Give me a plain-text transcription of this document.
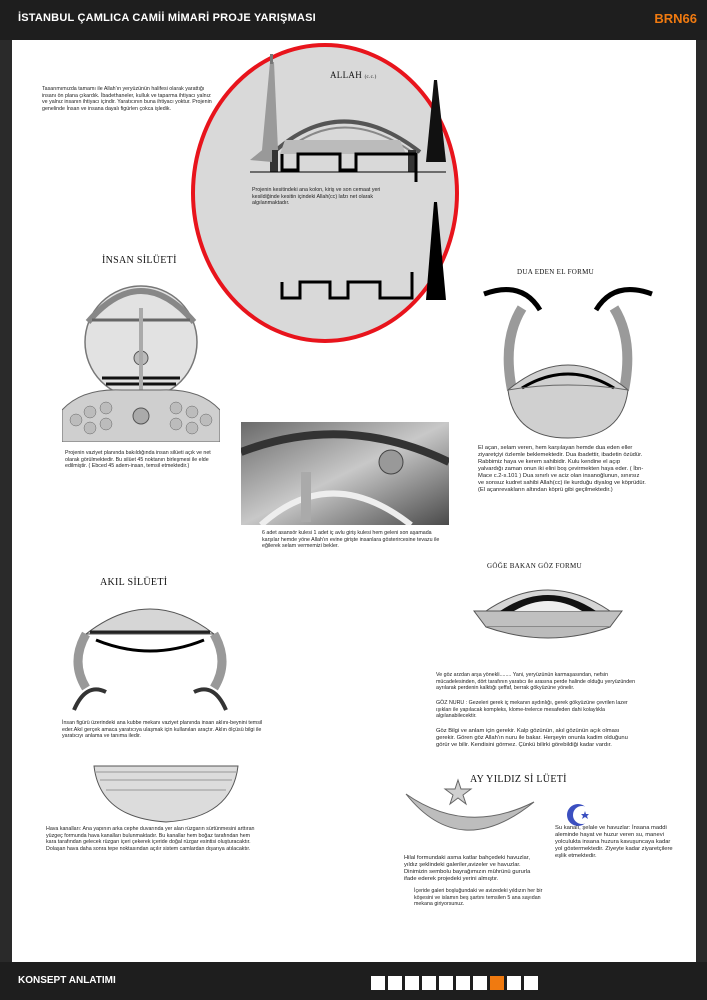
İSTANBUL ÇAMLICA CAMİİ MİMARİ PROJE YARIŞMASI	BRN66
Tasarımımızda tamamı ile Allah'ın yeryüzünün halifesi olarak yarattığı insanı ön plana çıkardık. İbadethaneler, kulluk ve taparma ihtiyacı yalnız ve yalnız insanın ihtiyacı içindir. Yaratıcının buna ihtiyacı yoktur. Projenin genelinde İnsan ve insana dayalı figürlen çokca işledik.
ALLAH (c.c.)
Projenin kesitindeki ana kolon, kiriş ve son cemaat yeri kesildiğinde kesitin içindeki Allah(cc) lafzı net olarak algılanmaktadır.
İNSAN SİLÜETİ
Projenin vaziyet planında bakıldığında insan silüeti açık ve net olarak görülmektedir. Bu silüet 45 noktanın birleşmesi ile elde edilmiştir. ( Ebced 45 adem-insan, temsil etmektedir.)
DUA EDEN EL FORMU
El açan, selam veren, hem karşılayan hemde dua eden eller ziyaretçiyi özlemle beklemektedir. Dua ibadettir, ibadetin özüdür. Rabbimiz haya ve kerem sahibidir. Kulu kendine el açıp yalvardığı zaman onun iki elini boş çevirmekten haya eder. ( İbn-Mace c.2-s.101 ) Dua sınırlı ve aciz olan insanoğlunun, sınırsız ve sonsuz kudret sahibi Allah(cc) ile kurduğu diyalog ve köprüdür. (El açanrevakların altından köprü gibi geçilmektedir.)
6 adet asansör kulesi 1 adet iç avlu giriş kulesi hem geleni son aşamada karşılar hemde yöne Allah'ın evine girişte insanlara gösterircesine tevazu ile eğilerek selam vermemizi bekler.
AKIL SİLÜETİ
İnsan figürü üzerindeki ana kubbe mekanı vaziyet planında insan aklını-beynini temsil eder.Akıl gerçek amaca yaratıcıya ulaşmak için kullanılan araçtır. Aklın ölçüsü bilgi ile yaratıcıyı anlama ve tanıma iledir.
Hava kanalları: Ana yapının arka cephe duvarında yer alan rüzgarın sürtünmesini arttıran yüzgeç formunda hava kanalları bulunmaktadır. Bu kanallar hem boğaz tarafından hem kara tarafından gelecek rüzgarı içeri çekerek içeride doğal rüzgar esintisi oluşturacaktır. Dolaşan hava daha sonra tepe noktasından açılır sistem camlardan dışarıya atılacaktır.
GÖĞE BAKAN GÖZ FORMU
Ve göz arzdan arşa yönekli........ Yani, yeryüzünün karmaşasından, nefsin mücadelesinden, dört tarafının yaratıcı ile arasına perde halinde olduğu yeryüzünden ayrılarak perdenin kalktığı şeffaf, berrak gökyüzüne yönelir.
GÖZ NURU : Gezeleri gerek iç mekanın aydınlığı, gerek gökyüzüne çevrilen lazer ışıkları ile yapılacak kompleks, klome-trelerce mesafeden dahi kolaylıkla algılanabilecektir.
Göz Bilgi ve anlam için gerekir. Kalp gözünün, akıl gözünün açık olması gerekir. Gören göz Allah'ın nuru ile bakar. Herşeyin onunla kadim olduğunu görür ve bilir. Kendisini görmez. Çünkü bilirki görebildiği kadar vardır.
AY YILDIZ Sİ LÜETİ
Hilal formundaki asma katlar bahçedeki havuzlar, yıldız şeklindeki galeriler,avizeler ve havuzlar. Dinimizin sembolu bayrağımızın mührünü gururla ifade ederek projedeki yerini almıştır.
İçeride galeri boşluğundaki ve avizedeki yıldızın her bir köşesini ve islamın beş şartını temsilen 5 ana sayıdan mekana giriyorsunuz.
Su kanalı, şelale ve havuzlar: İnsana maddi aleminde hayat ve huzur veren su, manevi yolculukta insana huzura kavuşuncaya kadar yol göstermektedir. Ziyeyte kadar ziyaretçilere eşlik etmektedir.
KONSEPT ANLATIMI
